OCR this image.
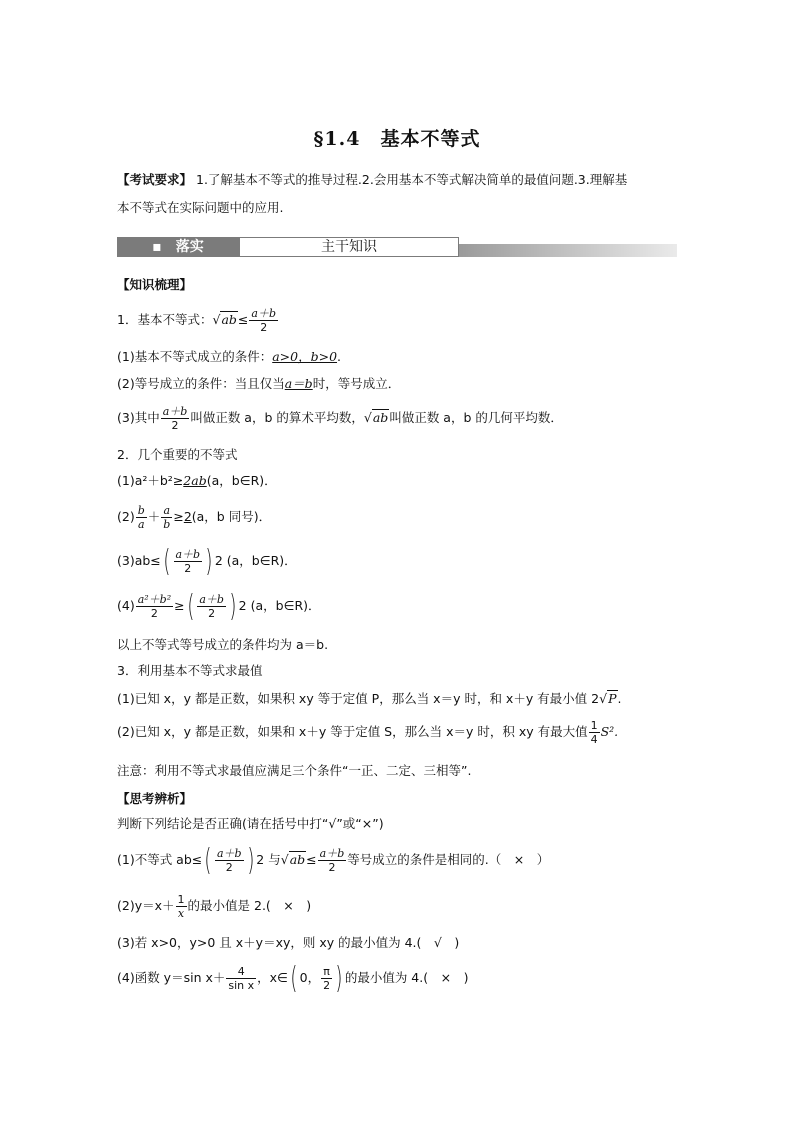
§1.4　基本不等式
【考试要求】 1.了解基本不等式的推导过程.2.会用基本不等式解决简单的最值问题.3.理解基
本不等式在实际问题中的应用.
▪　落实	主干知识
【知识梳理】
1．基本不等式：$√ab\le \frac{a+b}{2}$
(1)基本不等式成立的条件：a>0，b>0.
(2)等号成立的条件：当且仅当a＝b时，等号成立．
(3)其中 $\frac{a+b}{2}$ 叫做正数 a，b 的算术平均数，√ab叫做正数 a，b 的几何平均数．
2．几个重要的不等式
(1)a²＋b²≥2ab(a，b∈R)．
$(2) \frac{b}{a} + \frac{a}{b} \ge 2(a$，b 同号)．
$(3)ab\le( \frac{a+b}{2}$ ) 2 (a，b∈R)．
$(4) \frac{\text{a²＋b²}}{2}$ ≥( $\frac{a+b}{2}$ ) 2 (a，b∈R)．
以上不等式等号成立的条件均为 a＝b.
3．利用基本不等式求最值
(1)已知 x，y 都是正数，如果积 xy 等于定值 P，那么当 x＝y 时，和 x＋y 有最小值 2√P.
(2)已知 x，y 都是正数，如果和 x＋y 等于定值 S，那么当 x＝y 时，积 xy 有最大值 $\frac{1}{4} S^2$.
注意：利用不等式求最值应满足三个条件“一正、二定、三相等”.
【思考辨析】
判断下列结论是否正确(请在括号中打“√”或“×”)
(1)不等式 $ab\le( \frac{a+b}{2}$ ) 2 与$√ab\le \frac{a+b}{2}$ 等号成立的条件是相同的.（　×　）
$(2)y=x+ \frac{1}{x}$ 的最小值是 2.(　×　)
(3)若 x>0，y>0 且 x＋y＝xy，则 xy 的最小值为 4.(　√　)
(4)函数 y＝sin $x+ \frac{4}{\text{sin x}}$ ，x∈( 0， $\frac{\pi}{2}$ ) 的最小值为 4.(　×　)
